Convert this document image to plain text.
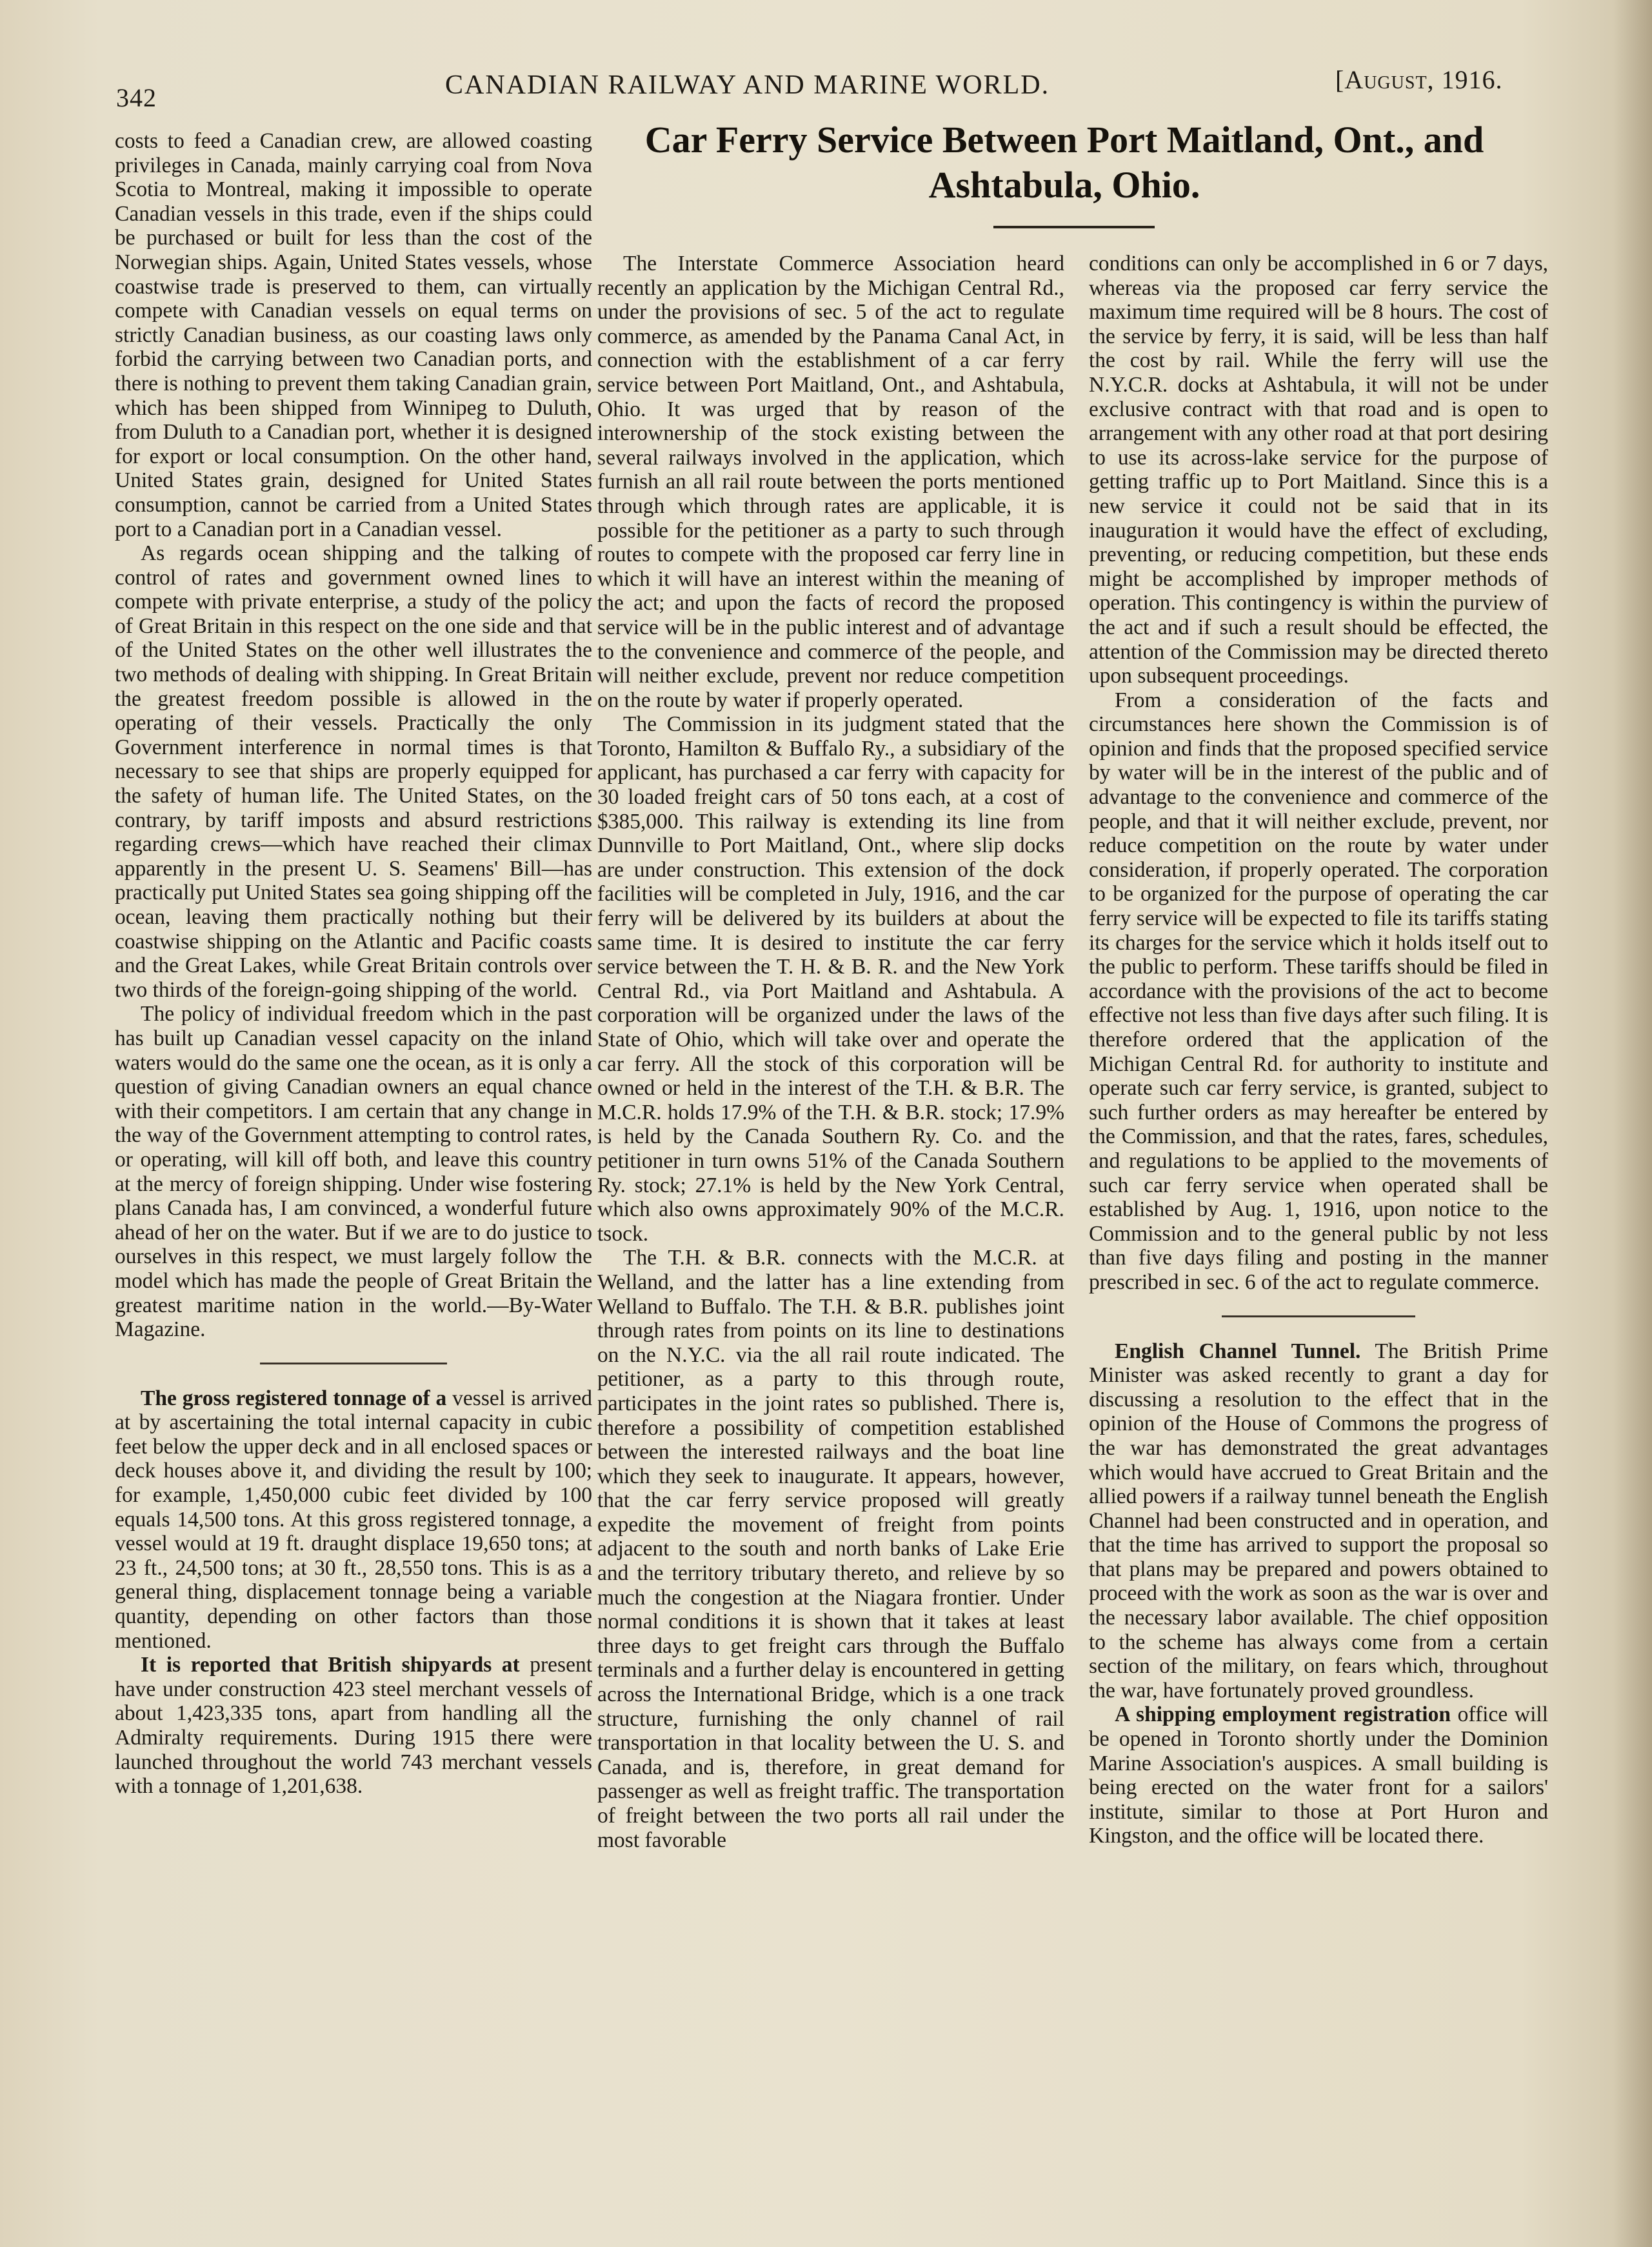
342	CANADIAN RAILWAY AND MARINE WORLD.	[August, 1916.

costs to feed a Canadian crew, are allowed coasting privileges in Canada, mainly carrying coal from Nova Scotia to Montreal, making it impossible to operate Canadian vessels in this trade, even if the ships could be purchased or built for less than the cost of the Norwegian ships. Again, United States vessels, whose coastwise trade is preserved to them, can virtually compete with Canadian vessels on equal terms on strictly Canadian business, as our coasting laws only forbid the carrying between two Canadian ports, and there is nothing to prevent them taking Canadian grain, which has been shipped from Winnipeg to Duluth, from Duluth to a Canadian port, whether it is designed for export or local consumption. On the other hand, United States grain, designed for United States consumption, cannot be carried from a United States port to a Canadian port in a Canadian vessel.

As regards ocean shipping and the talking of control of rates and government owned lines to compete with private enterprise, a study of the policy of Great Britain in this respect on the one side and that of the United States on the other well illustrates the two methods of dealing with shipping. In Great Britain the greatest freedom possible is allowed in the operating of their vessels. Practically the only Government interference in normal times is that necessary to see that ships are properly equipped for the safety of human life. The United States, on the contrary, by tariff imposts and absurd restrictions regarding crews—which have reached their climax apparently in the present U. S. Seamens' Bill—has practically put United States sea going shipping off the ocean, leaving them practically nothing but their coastwise shipping on the Atlantic and Pacific coasts and the Great Lakes, while Great Britain controls over two thirds of the foreign-going shipping of the world.

The policy of individual freedom which in the past has built up Canadian vessel capacity on the inland waters would do the same one the ocean, as it is only a question of giving Canadian owners an equal chance with their competitors. I am certain that any change in the way of the Government attempting to control rates, or operating, will kill off both, and leave this country at the mercy of foreign shipping. Under wise fostering plans Canada has, I am convinced, a wonderful future ahead of her on the water. But if we are to do justice to ourselves in this respect, we must largely follow the model which has made the people of Great Britain the greatest maritime nation in the world.—By-Water Magazine.

The gross registered tonnage of a vessel is arrived at by ascertaining the total internal capacity in cubic feet below the upper deck and in all enclosed spaces or deck houses above it, and dividing the result by 100; for example, 1,450,000 cubic feet divided by 100 equals 14,500 tons. At this gross registered tonnage, a vessel would at 19 ft. draught displace 19,650 tons; at 23 ft., 24,500 tons; at 30 ft., 28,550 tons. This is as a general thing, displacement tonnage being a variable quantity, depending on other factors than those mentioned.

It is reported that British shipyards at present have under construction 423 steel merchant vessels of about 1,423,335 tons, apart from handling all the Admiralty requirements. During 1915 there were launched throughout the world 743 merchant vessels with a tonnage of 1,201,638.

Car Ferry Service Between Port Maitland, Ont., and Ashtabula, Ohio.

The Interstate Commerce Association heard recently an application by the Michigan Central Rd., under the provisions of sec. 5 of the act to regulate commerce, as amended by the Panama Canal Act, in connection with the establishment of a car ferry service between Port Maitland, Ont., and Ashtabula, Ohio. It was urged that by reason of the interownership of the stock existing between the several railways involved in the application, which furnish an all rail route between the ports mentioned through which through rates are applicable, it is possible for the petitioner as a party to such through routes to compete with the proposed car ferry line in which it will have an interest within the meaning of the act; and upon the facts of record the proposed service will be in the public interest and of advantage to the convenience and commerce of the people, and will neither exclude, prevent nor reduce competition on the route by water if properly operated.

The Commission in its judgment stated that the Toronto, Hamilton & Buffalo Ry., a subsidiary of the applicant, has purchased a car ferry with capacity for 30 loaded freight cars of 50 tons each, at a cost of $385,000. This railway is extending its line from Dunnville to Port Maitland, Ont., where slip docks are under construction. This extension of the dock facilities will be completed in July, 1916, and the car ferry will be delivered by its builders at about the same time. It is desired to institute the car ferry service between the T. H. & B. R. and the New York Central Rd., via Port Maitland and Ashtabula. A corporation will be organized under the laws of the State of Ohio, which will take over and operate the car ferry. All the stock of this corporation will be owned or held in the interest of the T.H. & B.R. The M.C.R. holds 17.9% of the T.H. & B.R. stock; 17.9% is held by the Canada Southern Ry. Co. and the petitioner in turn owns 51% of the Canada Southern Ry. stock; 27.1% is held by the New York Central, which also owns approximately 90% of the M.C.R. tsock.

The T.H. & B.R. connects with the M.C.R. at Welland, and the latter has a line extending from Welland to Buffalo. The T.H. & B.R. publishes joint through rates from points on its line to destinations on the N.Y.C. via the all rail route indicated. The petitioner, as a party to this through route, participates in the joint rates so published. There is, therefore a possibility of competition established between the interested railways and the boat line which they seek to inaugurate. It appears, however, that the car ferry service proposed will greatly expedite the movement of freight from points adjacent to the south and north banks of Lake Erie and the territory tributary thereto, and relieve by so much the congestion at the Niagara frontier. Under normal conditions it is shown that it takes at least three days to get freight cars through the Buffalo terminals and a further delay is encountered in getting across the International Bridge, which is a one track structure, furnishing the only channel of rail transportation in that locality between the U. S. and Canada, and is, therefore, in great demand for passenger as well as freight traffic. The transportation of freight between the two ports all rail under the most favorable

conditions can only be accomplished in 6 or 7 days, whereas via the proposed car ferry service the maximum time required will be 8 hours. The cost of the service by ferry, it is said, will be less than half the cost by rail. While the ferry will use the N.Y.C.R. docks at Ashtabula, it will not be under exclusive contract with that road and is open to arrangement with any other road at that port desiring to use its across-lake service for the purpose of getting traffic up to Port Maitland. Since this is a new service it could not be said that in its inauguration it would have the effect of excluding, preventing, or reducing competition, but these ends might be accomplished by improper methods of operation. This contingency is within the purview of the act and if such a result should be effected, the attention of the Commission may be directed thereto upon subsequent proceedings.

From a consideration of the facts and circumstances here shown the Commission is of opinion and finds that the proposed specified service by water will be in the interest of the public and of advantage to the convenience and commerce of the people, and that it will neither exclude, prevent, nor reduce competition on the route by water under consideration, if properly operated. The corporation to be organized for the purpose of operating the car ferry service will be expected to file its tariffs stating its charges for the service which it holds itself out to the public to perform. These tariffs should be filed in accordance with the provisions of the act to become effective not less than five days after such filing. It is therefore ordered that the application of the Michigan Central Rd. for authority to institute and operate such car ferry service, is granted, subject to such further orders as may hereafter be entered by the Commission, and that the rates, fares, schedules, and regulations to be applied to the movements of such car ferry service when operated shall be established by Aug. 1, 1916, upon notice to the Commission and to the general public by not less than five days filing and posting in the manner prescribed in sec. 6 of the act to regulate commerce.

English Channel Tunnel. The British Prime Minister was asked recently to grant a day for discussing a resolution to the effect that in the opinion of the House of Commons the progress of the war has demonstrated the great advantages which would have accrued to Great Britain and the allied powers if a railway tunnel beneath the English Channel had been constructed and in operation, and that the time has arrived to support the proposal so that plans may be prepared and powers obtained to proceed with the work as soon as the war is over and the necessary labor available. The chief opposition to the scheme has always come from a certain section of the military, on fears which, throughout the war, have fortunately proved groundless.

A shipping employment registration office will be opened in Toronto shortly under the Dominion Marine Association's auspices. A small building is being erected on the water front for a sailors' institute, similar to those at Port Huron and Kingston, and the office will be located there.
